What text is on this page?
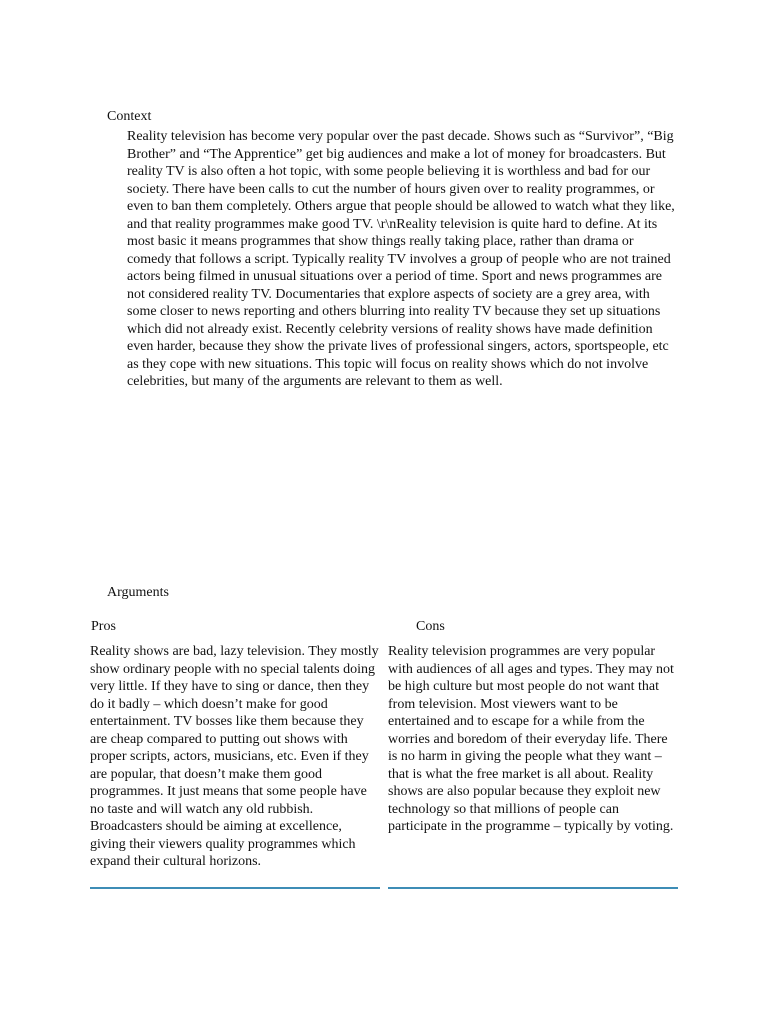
Context

Reality television has become very popular over the past decade. Shows such as “Survivor”, “Big Brother” and “The Apprentice” get big audiences and make a lot of money for broadcasters. But reality TV is also often a hot topic, with some people believing it is worthless and bad for our society. There have been calls to cut the number of hours given over to reality programmes, or even to ban them completely. Others argue that people should be allowed to watch what they like, and that reality programmes make good TV. \r\nReality television is quite hard to define. At its most basic it means programmes that show things really taking place, rather than drama or comedy that follows a script. Typically reality TV involves a group of people who are not trained actors being filmed in unusual situations over a period of time. Sport and news programmes are not considered reality TV. Documentaries that explore aspects of society are a grey area, with some closer to news reporting and others blurring into reality TV because they set up situations which did not already exist. Recently celebrity versions of reality shows have made definition even harder, because they show the private lives of professional singers, actors, sportspeople, etc as they cope with new situations. This topic will focus on reality shows which do not involve celebrities, but many of the arguments are relevant to them as well.

Arguments
Pros

Reality shows are bad, lazy television. They mostly show ordinary people with no special talents doing very little. If they have to sing or dance, then they do it badly – which doesn’t make for good entertainment. TV bosses like them because they are cheap compared to putting out shows with proper scripts, actors, musicians, etc. Even if they are popular, that doesn’t make them good programmes. It just means that some people have no taste and will watch any old rubbish. Broadcasters should be aiming at excellence, giving their viewers quality programmes which expand their cultural horizons.

Cons

Reality television programmes are very popular with audiences of all ages and types. They may not be high culture but most people do not want that from television. Most viewers want to be entertained and to escape for a while from the worries and boredom of their everyday life. There is no harm in giving the people what they want – that is what the free market is all about. Reality shows are also popular because they exploit new technology so that millions of people can participate in the programme – typically by voting.
